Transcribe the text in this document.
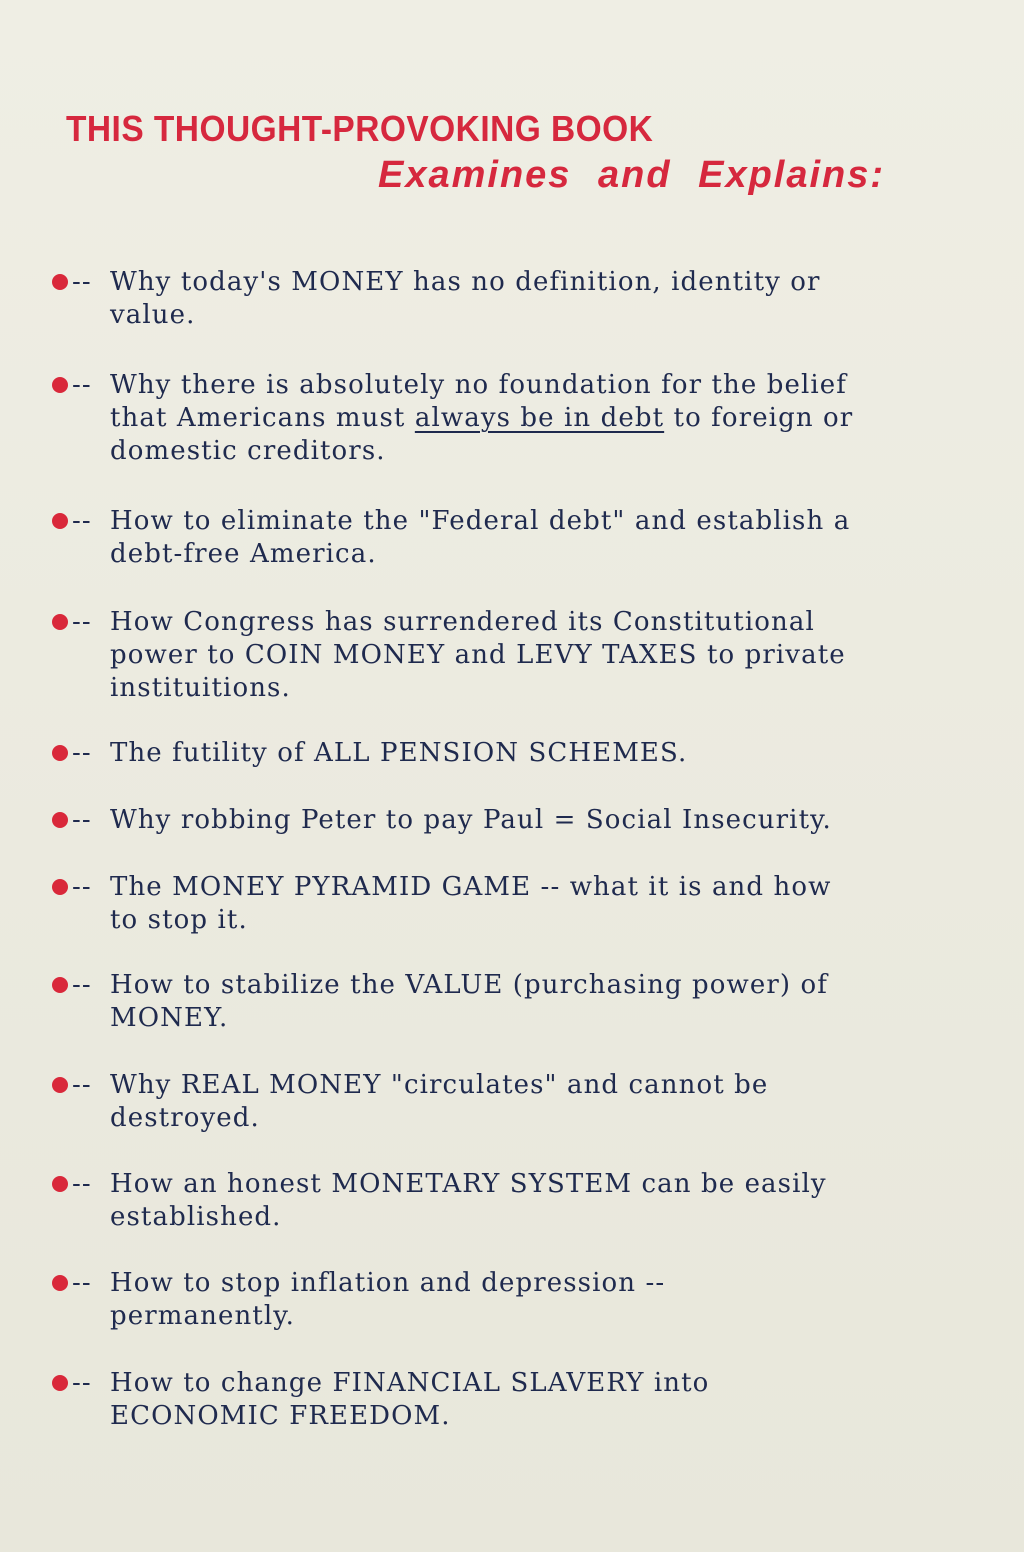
THIS THOUGHT-PROVOKING BOOK
Examines and Explains:
-- Why today's MONEY has no definition, identity or
value.
-- Why there is absolutely no foundation for the belief
that Americans must always be in debt to foreign or
domestic creditors.
-- How to eliminate the "Federal debt" and establish a
debt-free America.
-- How Congress has surrendered its Constitutional
power to COIN MONEY and LEVY TAXES to private
instituitions.
-- The futility of ALL PENSION SCHEMES.
-- Why robbing Peter to pay Paul = Social Insecurity.
-- The MONEY PYRAMID GAME -- what it is and how
to stop it.
-- How to stabilize the VALUE (purchasing power) of
MONEY.
-- Why REAL MONEY "circulates" and cannot be
destroyed.
-- How an honest MONETARY SYSTEM can be easily
established.
-- How to stop inflation and depression --
permanently.
-- How to change FINANCIAL SLAVERY into
ECONOMIC FREEDOM.
